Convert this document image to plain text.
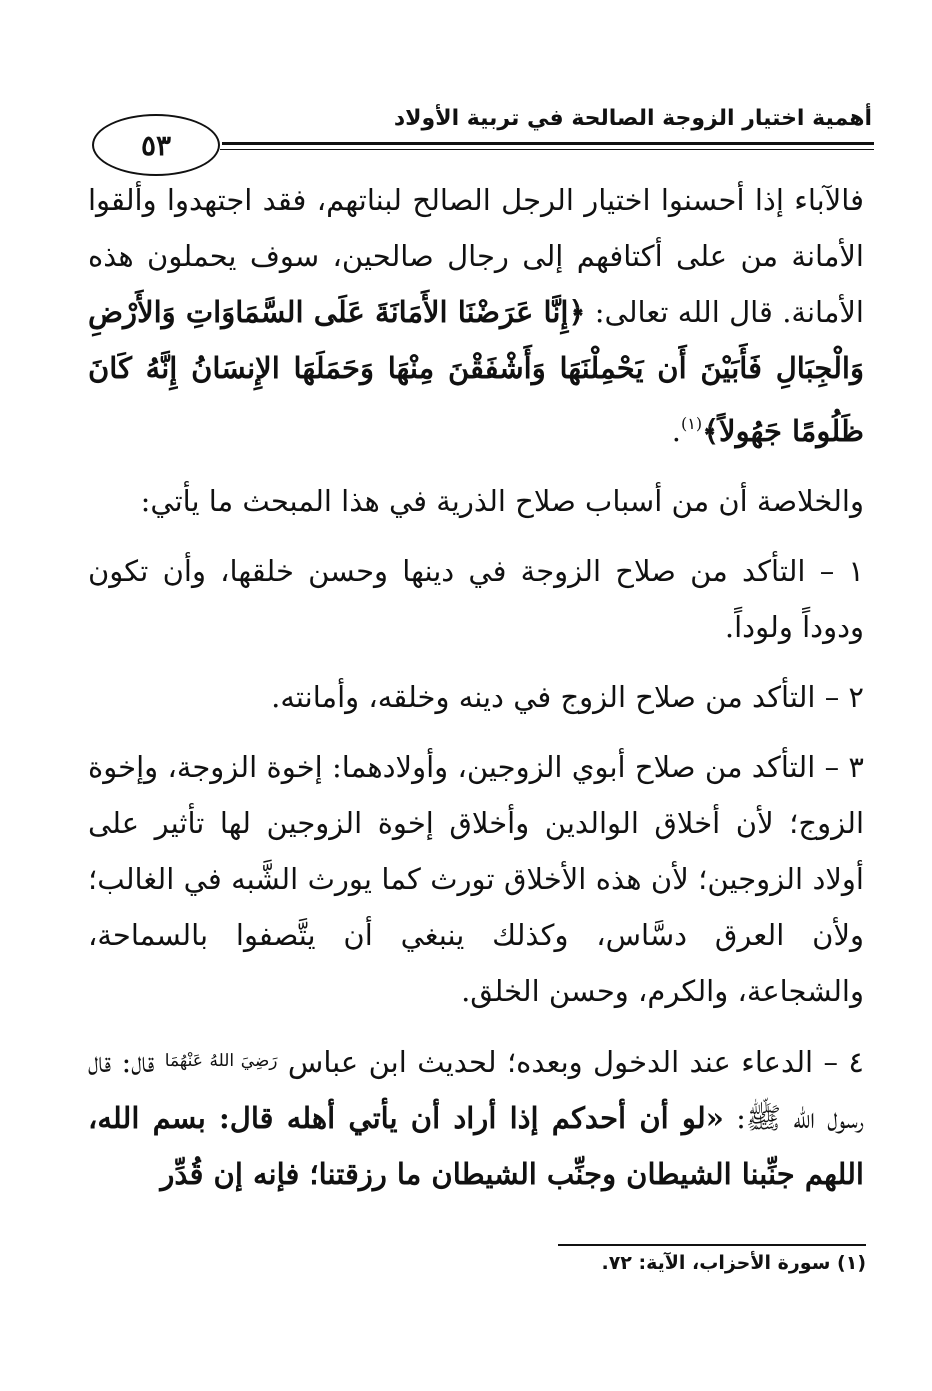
٥٣
أهمية اختيار الزوجة الصالحة في تربية الأولاد

فالآباء إذا أحسنوا اختيار الرجل الصالح لبناتهم، فقد اجتهدوا وألقوا الأمانة من على أكتافهم إلى رجال صالحين، سوف يحملون هذه الأمانة. قال الله تعالى: ﴿إِنَّا عَرَضْنَا الأَمَانَةَ عَلَى السَّمَاوَاتِ وَالأَرْضِ وَالْجِبَالِ فَأَبَيْنَ أَن يَحْمِلْنَهَا وَأَشْفَقْنَ مِنْهَا وَحَمَلَهَا الإِنسَانُ إِنَّهُ كَانَ ظَلُومًا جَهُولاً﴾$^{(١)}$.

والخلاصة أن من أسباب صلاح الذرية في هذا المبحث ما يأتي:

١ – التأكد من صلاح الزوجة في دينها وحسن خلقها، وأن تكون ودوداً ولوداً.

٢ – التأكد من صلاح الزوج في دينه وخلقه، وأمانته.

٣ – التأكد من صلاح أبوي الزوجين، وأولادهما: إخوة الزوجة، وإخوة الزوج؛ لأن أخلاق الوالدين وأخلاق إخوة الزوجين لها تأثير على أولاد الزوجين؛ لأن هذه الأخلاق تورث كما يورث الشَّبه في الغالب؛ ولأن العرق دسَّاس، وكذلك ينبغي أن يتَّصفوا بالسماحة، والشجاعة، والكرم، وحسن الخلق.

٤ – الدعاء عند الدخول وبعده؛ لحديث ابن عباس $^{رَضِيَ اللهُ عَنْهُمَا}$ قال: قال رسول الله ﷺ: «لو أن أحدكم إذا أراد أن يأتي أهله قال: بسم الله، اللهم جنِّبنا الشيطان وجنِّب الشيطان ما رزقتنا؛ فإنه إن قُدِّر

(١) سورة الأحزاب، الآية: ٧٢.
